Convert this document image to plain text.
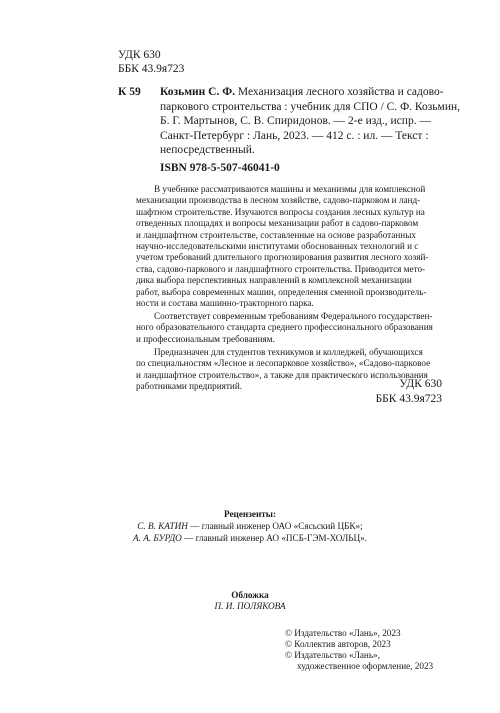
УДК 630
ББК 43.9я723
К 59 Козьмин С. Ф. Механизация лесного хозяйства и садово-
паркового строительства : учебник для СПО / С. Ф. Козьмин,
Б. Г. Мартынов, С. В. Спиридонов. — 2-е изд., испр. —
Санкт-Петербург : Лань, 2023. — 412 с. : ил. — Текст :
непосредственный.
ISBN 978-5-507-46041-0

В учебнике рассматриваются машины и механизмы для комплексной
механизации производства в лесном хозяйстве, садово-парковом и ланд-
шафтном строительстве. Изучаются вопросы создания лесных культур на
отведенных площадях и вопросы механизации работ в садово-парковом
и ландшафтном строительстве, составленные на основе разработанных
научно-исследовательскими институтами обоснованных технологий и с
учетом требований длительного прогнозирования развития лесного хозяй-
ства, садово-паркового и ландшафтного строительства. Приводится мето-
дика выбора перспективных направлений в комплексной механизации
работ, выбора современных машин, определения сменной производитель-
ности и состава машинно-тракторного парка.

Соответствует современным требованиям Федерального государствен-
ного образовательного стандарта среднего профессионального образования
и профессиональным требованиям.

Предназначен для студентов техникумов и колледжей, обучающихся
по специальностям «Лесное и лесопарковое хозяйство», «Садово-парковое
и ландшафтное строительство», а также для практического использования
работниками предприятий.	УДК 630
ББК 43.9я723
Рецензенты:
С. В. КАТИН — главный инженер ОАО «Сясьский ЦБК»;
А. А. БУРДО — главный инженер АО «ПСБ-ГЭМ-ХОЛЬЦ».
Обложка
П. И. ПОЛЯКОВА
© Издательство «Лань», 2023
© Коллектив авторов, 2023
© Издательство «Лань»,
художественное оформление, 2023
